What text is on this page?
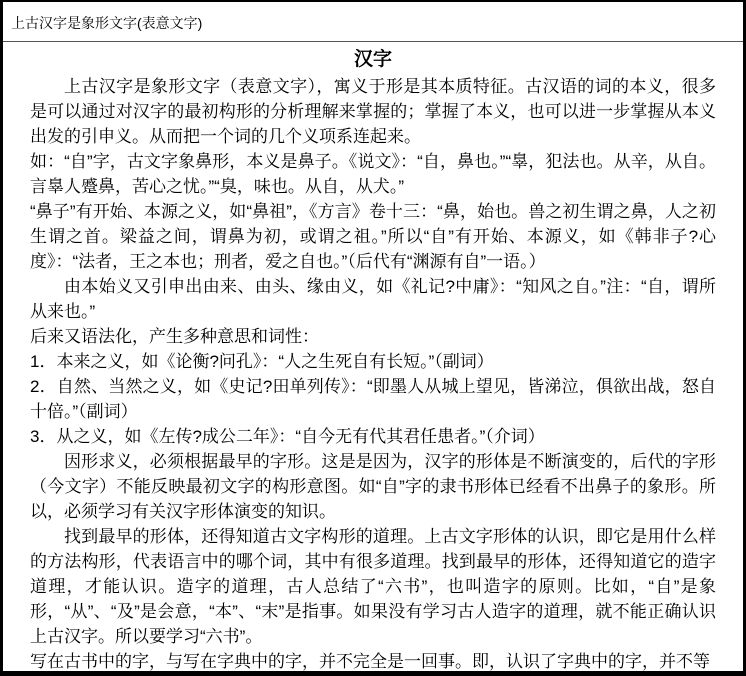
上古汉字是象形文字(表意文字)
汉字

上古汉字是象形文字（表意文字），寓义于形是其本质特征。古汉语的词的本义，很多是可以通过对汉字的最初构形的分析理解来掌握的；掌握了本义，也可以进一步掌握从本义出发的引申义。从而把一个词的几个义项系连起来。

如：“自”字，古文字象鼻形，本义是鼻子。《说文》：“自，鼻也。”“辠，犯法也。从辛，从自。言辠人蹙鼻，苦心之忧。”“臭，味也。从自，从犬。”

“鼻子”有开始、本源之义，如“鼻祖”，《方言》卷十三：“鼻，始也。兽之初生谓之鼻，人之初生谓之首。梁益之间，谓鼻为初，或谓之祖。”所以“自”有开始、本源义，如《韩非子?心度》：“法者，王之本也；刑者，爱之自也。”（后代有“渊源有自”一语。）

由本始义又引申出由来、由头、缘由义，如《礼记?中庸》：“知风之自。”注：“自，谓所从来也。”

后来又语法化，产生多种意思和词性：

1．本来之义，如《论衡?问孔》：“人之生死自有长短。”（副词）

2．自然、当然之义，如《史记?田单列传》：“即墨人从城上望见，皆涕泣，俱欲出战，怒自十倍。”（副词）

3．从之义，如《左传?成公二年》：“自今无有代其君任患者。”（介词）

因形求义，必须根据最早的字形。这是是因为，汉字的形体是不断演变的，后代的字形（今文字）不能反映最初文字的构形意图。如“自”字的隶书形体已经看不出鼻子的象形。所以，必须学习有关汉字形体演变的知识。

找到最早的形体，还得知道古文字构形的道理。上古文字形体的认识，即它是用什么样的方法构形，代表语言中的哪个词，其中有很多道理。找到最早的形体，还得知道它的造字道理，才能认识。造字的道理，古人总结了“六书”，也叫造字的原则。比如，“自”是象形，“从”、“及”是会意，“本”、“末”是指事。如果没有学习古人造字的道理，就不能正确认识上古汉字。所以要学习“六书”。

写在古书中的字，与写在字典中的字，并不完全是一回事。即，认识了字典中的字，并不等
